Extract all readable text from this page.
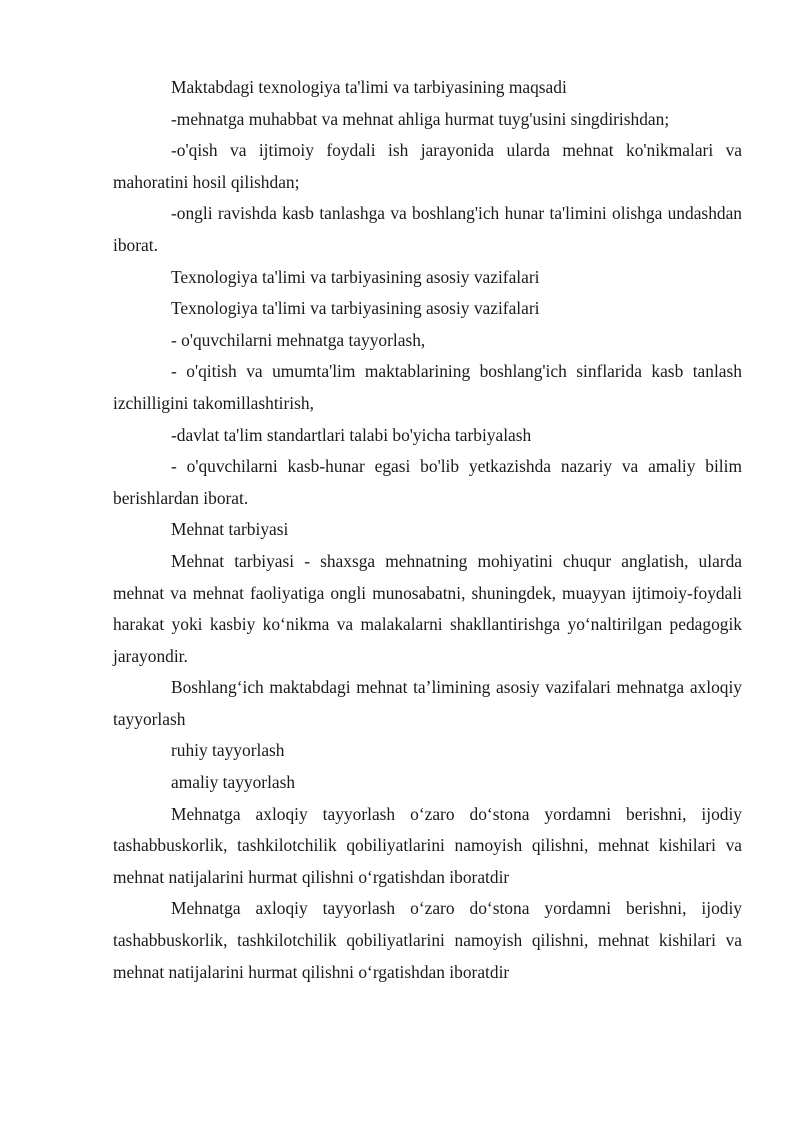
Maktabdagi texnologiya ta'limi va tarbiyasining maqsadi

-mehnatga muhabbat va mehnat ahliga hurmat tuyg'usini singdirishdan;

-o'qish va ijtimoiy foydali ish jarayonida ularda mehnat ko'nikmalari va mahoratini hosil qilishdan;

-ongli ravishda kasb tanlashga va boshlang'ich hunar ta'limini olishga undashdan iborat.

Texnologiya ta'limi va tarbiyasining asosiy vazifalari

Texnologiya ta'limi va tarbiyasining asosiy vazifalari

- o'quvchilarni mehnatga tayyorlash,

- o'qitish va umumta'lim maktablarining boshlang'ich sinflarida kasb tanlash izchilligini takomillashtirish,

-davlat ta'lim standartlari talabi bo'yicha tarbiyalash

- o'quvchilarni kasb-hunar egasi bo'lib yetkazishda nazariy va amaliy bilim berishlardan iborat.

Mehnat tarbiyasi

Mehnat tarbiyasi - shaxsga mehnatning mohiyatini chuqur anglatish, ularda mehnat va mehnat faoliyatiga ongli munosabatni, shuningdek, muayyan ijtimoiy-foydali harakat yoki kasbiy koʻnikma va malakalarni shakllantirishga yoʻnaltirilgan pedagogik jarayondir.

Boshlangʻich maktabdagi mehnat taʼlimining asosiy vazifalari mehnatga axloqiy tayyorlash

ruhiy tayyorlash

amaliy tayyorlash

Mehnatga axloqiy tayyorlash oʻzaro doʻstona yordamni berishni, ijodiy tashabbuskorlik, tashkilotchilik qobiliyatlarini namoyish qilishni, mehnat kishilari va mehnat natijalarini hurmat qilishni oʻrgatishdan iboratdir

Mehnatga axloqiy tayyorlash oʻzaro doʻstona yordamni berishni, ijodiy tashabbuskorlik, tashkilotchilik qobiliyatlarini namoyish qilishni, mehnat kishilari va mehnat natijalarini hurmat qilishni oʻrgatishdan iboratdir
